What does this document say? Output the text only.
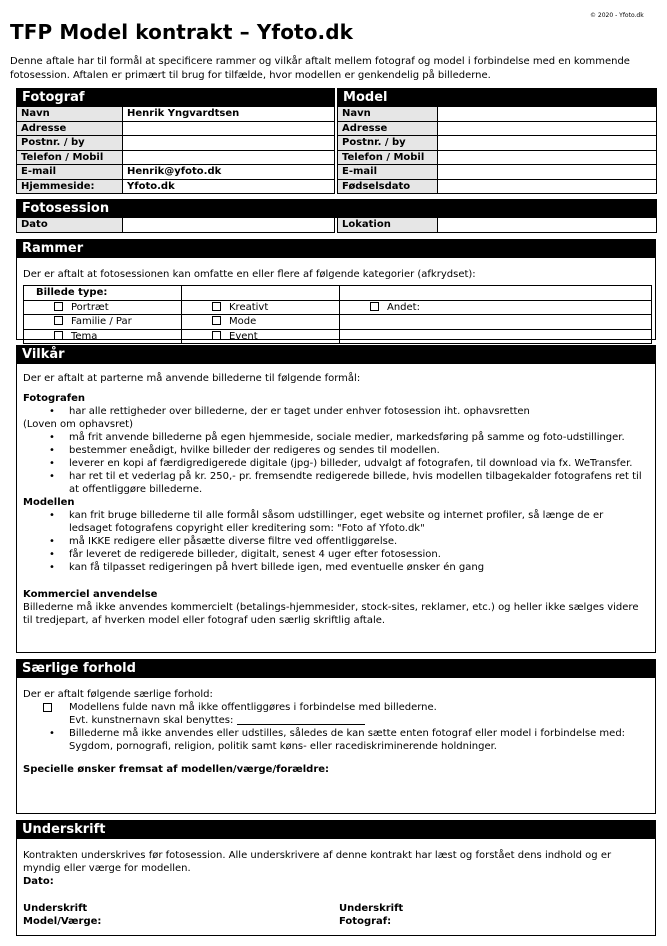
© 2020 - Yfoto.dk
TFP Model kontrakt – Yfoto.dk
Denne aftale har til formål at specificere rammer og vilkår aftalt mellem fotograf og model i forbindelse med en kommende fotosession. Aftalen er primært til brug for tilfælde, hvor modellen er genkendelig på billederne.
Fotograf			Model	
Navn	Henrik Yngvardtsen		Navn	
Adresse			Adresse	
Postnr. / by			Postnr. / by	
Telefon / Mobil			Telefon / Mobil	
E-mail	Henrik@yfoto.dk		E-mail	
Hjemmeside:	Yfoto.dk		Fødselsdato	
Fotosession
Dato			Lokation	
Rammer
Der er aftalt at fotosessionen kan omfatte en eller flere af følgende kategorier (afkrydset):
Billede type:		
Portræt	Kreativt	Andet:
Familie / Par	Mode	
Tema	Event	
Vilkår
Der er aftalt at parterne må anvende billederne til følgende formål:
Fotografen
• har alle rettigheder over billederne, der er taget under enhver fotosession iht. ophavsretten
(Loven om ophavsret)
• må frit anvende billederne på egen hjemmeside, sociale medier, markedsføring på samme og foto-udstillinger.
• bestemmer eneådigt, hvilke billeder der redigeres og sendes til modellen.
• leverer en kopi af færdigredigerede digitale (jpg-) billeder, udvalgt af fotografen, til download via fx. WeTransfer.
• har ret til et vederlag på kr. 250,- pr. fremsendte redigerede billede, hvis modellen tilbagekalder fotografens ret til at offentliggøre billederne.
Modellen
• kan frit bruge billederne til alle formål såsom udstillinger, eget website og internet profiler, så længe de er ledsaget fotografens copyright eller kreditering som: "Foto af Yfoto.dk"
• må IKKE redigere eller påsætte diverse filtre ved offentliggørelse.
• får leveret de redigerede billeder, digitalt, senest 4 uger efter fotosession.
• kan få tilpasset redigeringen på hvert billede igen, med eventuelle ønsker én gang
Kommerciel anvendelse
Billederne må ikke anvendes kommercielt (betalings-hjemmesider, stock-sites, reklamer, etc.) og heller ikke sælges videre til tredjepart, af hverken model eller fotograf uden særlig skriftlig aftale.
Særlige forhold
Der er aftalt følgende særlige forhold:
Modellens fulde navn må ikke offentliggøres i forbindelse med billederne.
Evt. kunstnernavn skal benyttes:
• Billederne må ikke anvendes eller udstilles, således de kan sætte enten fotograf eller model i forbindelse med:
Sygdom, pornografi, religion, politik samt køns- eller racediskriminerende holdninger.
Specielle ønsker fremsat af modellen/værge/forældre:
Underskrift
Kontrakten underskrives før fotosession. Alle underskrivere af denne kontrakt har læst og forstået dens indhold og er myndig eller værge for modellen.
Dato:
Underskrift
Model/Værge:
Underskrift
Fotograf:
